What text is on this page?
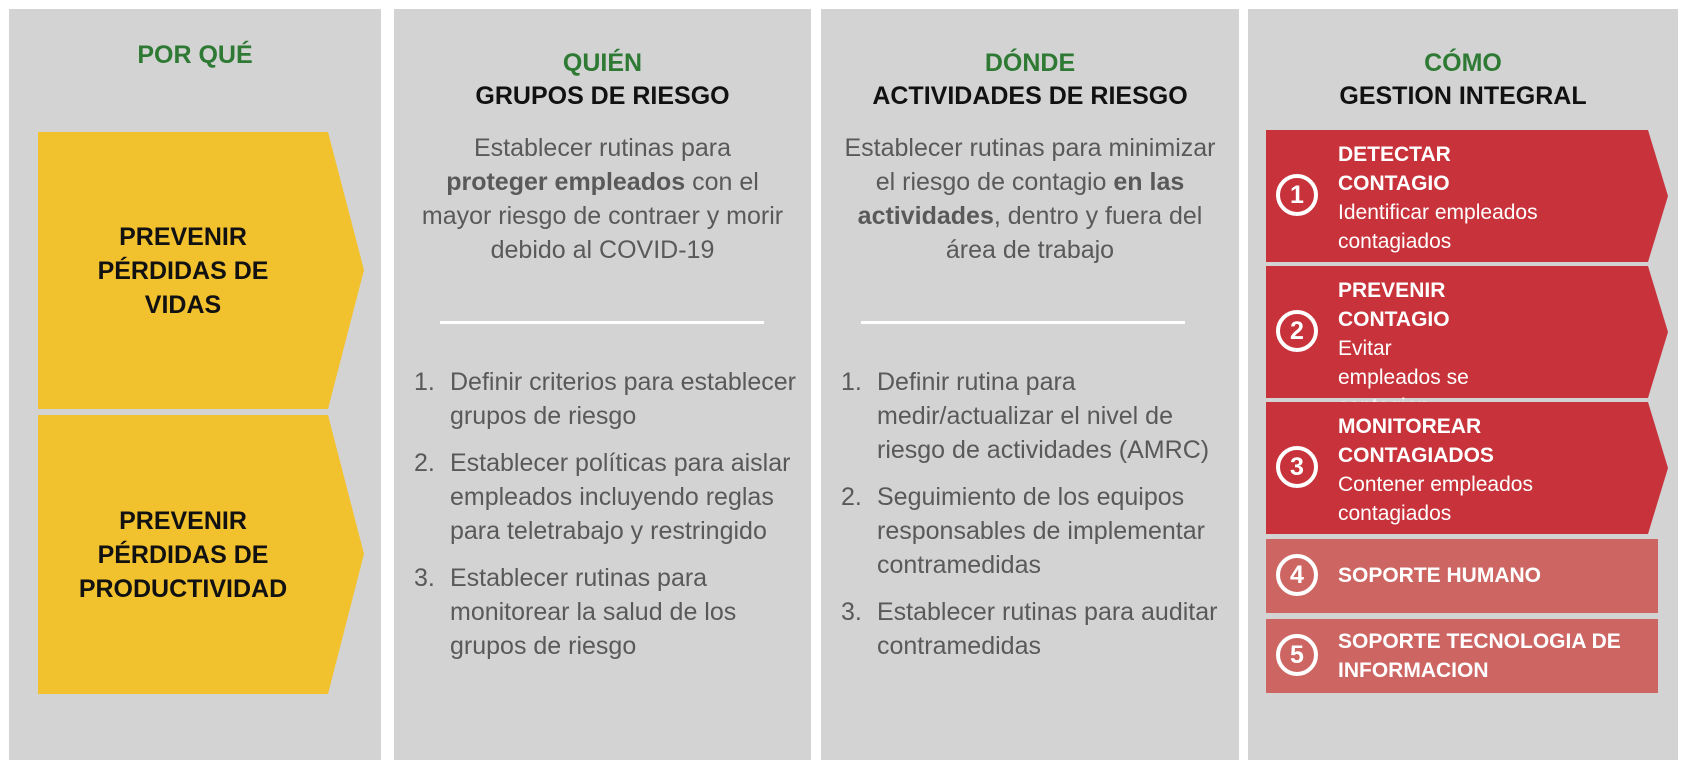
POR QUÉ
PREVENIR
PÉRDIDAS DE
VIDAS
PREVENIR
PÉRDIDAS DE
PRODUCTIVIDAD
QUIÉN
GRUPOS DE RIESGO
Establecer rutinas para proteger empleados con el mayor riesgo de contraer y morir debido al COVID-19
1. Definir criterios para establecer grupos de riesgo
2. Establecer políticas para aislar empleados incluyendo reglas para teletrabajo y restringido
3. Establecer rutinas para monitorear la salud de los grupos de riesgo
DÓNDE
ACTIVIDADES DE RIESGO
Establecer rutinas para minimizar el riesgo de contagio en las actividades, dentro y fuera del área de trabajo
1. Definir rutina para medir/actualizar el nivel de riesgo de actividades (AMRC)
2. Seguimiento de los equipos responsables de implementar contramedidas
3. Establecer rutinas para auditar contramedidas
CÓMO
GESTION INTEGRAL
1
DETECTAR CONTAGIO
Identificar empleados contagiados
2
PREVENIR CONTAGIO
Evitar empleados se
3
MONITOREAR CONTAGIADOS
Contener empleados contagiados
4	SOPORTE HUMANO
5	SOPORTE TECNOLOGIA DE INFORMACION
